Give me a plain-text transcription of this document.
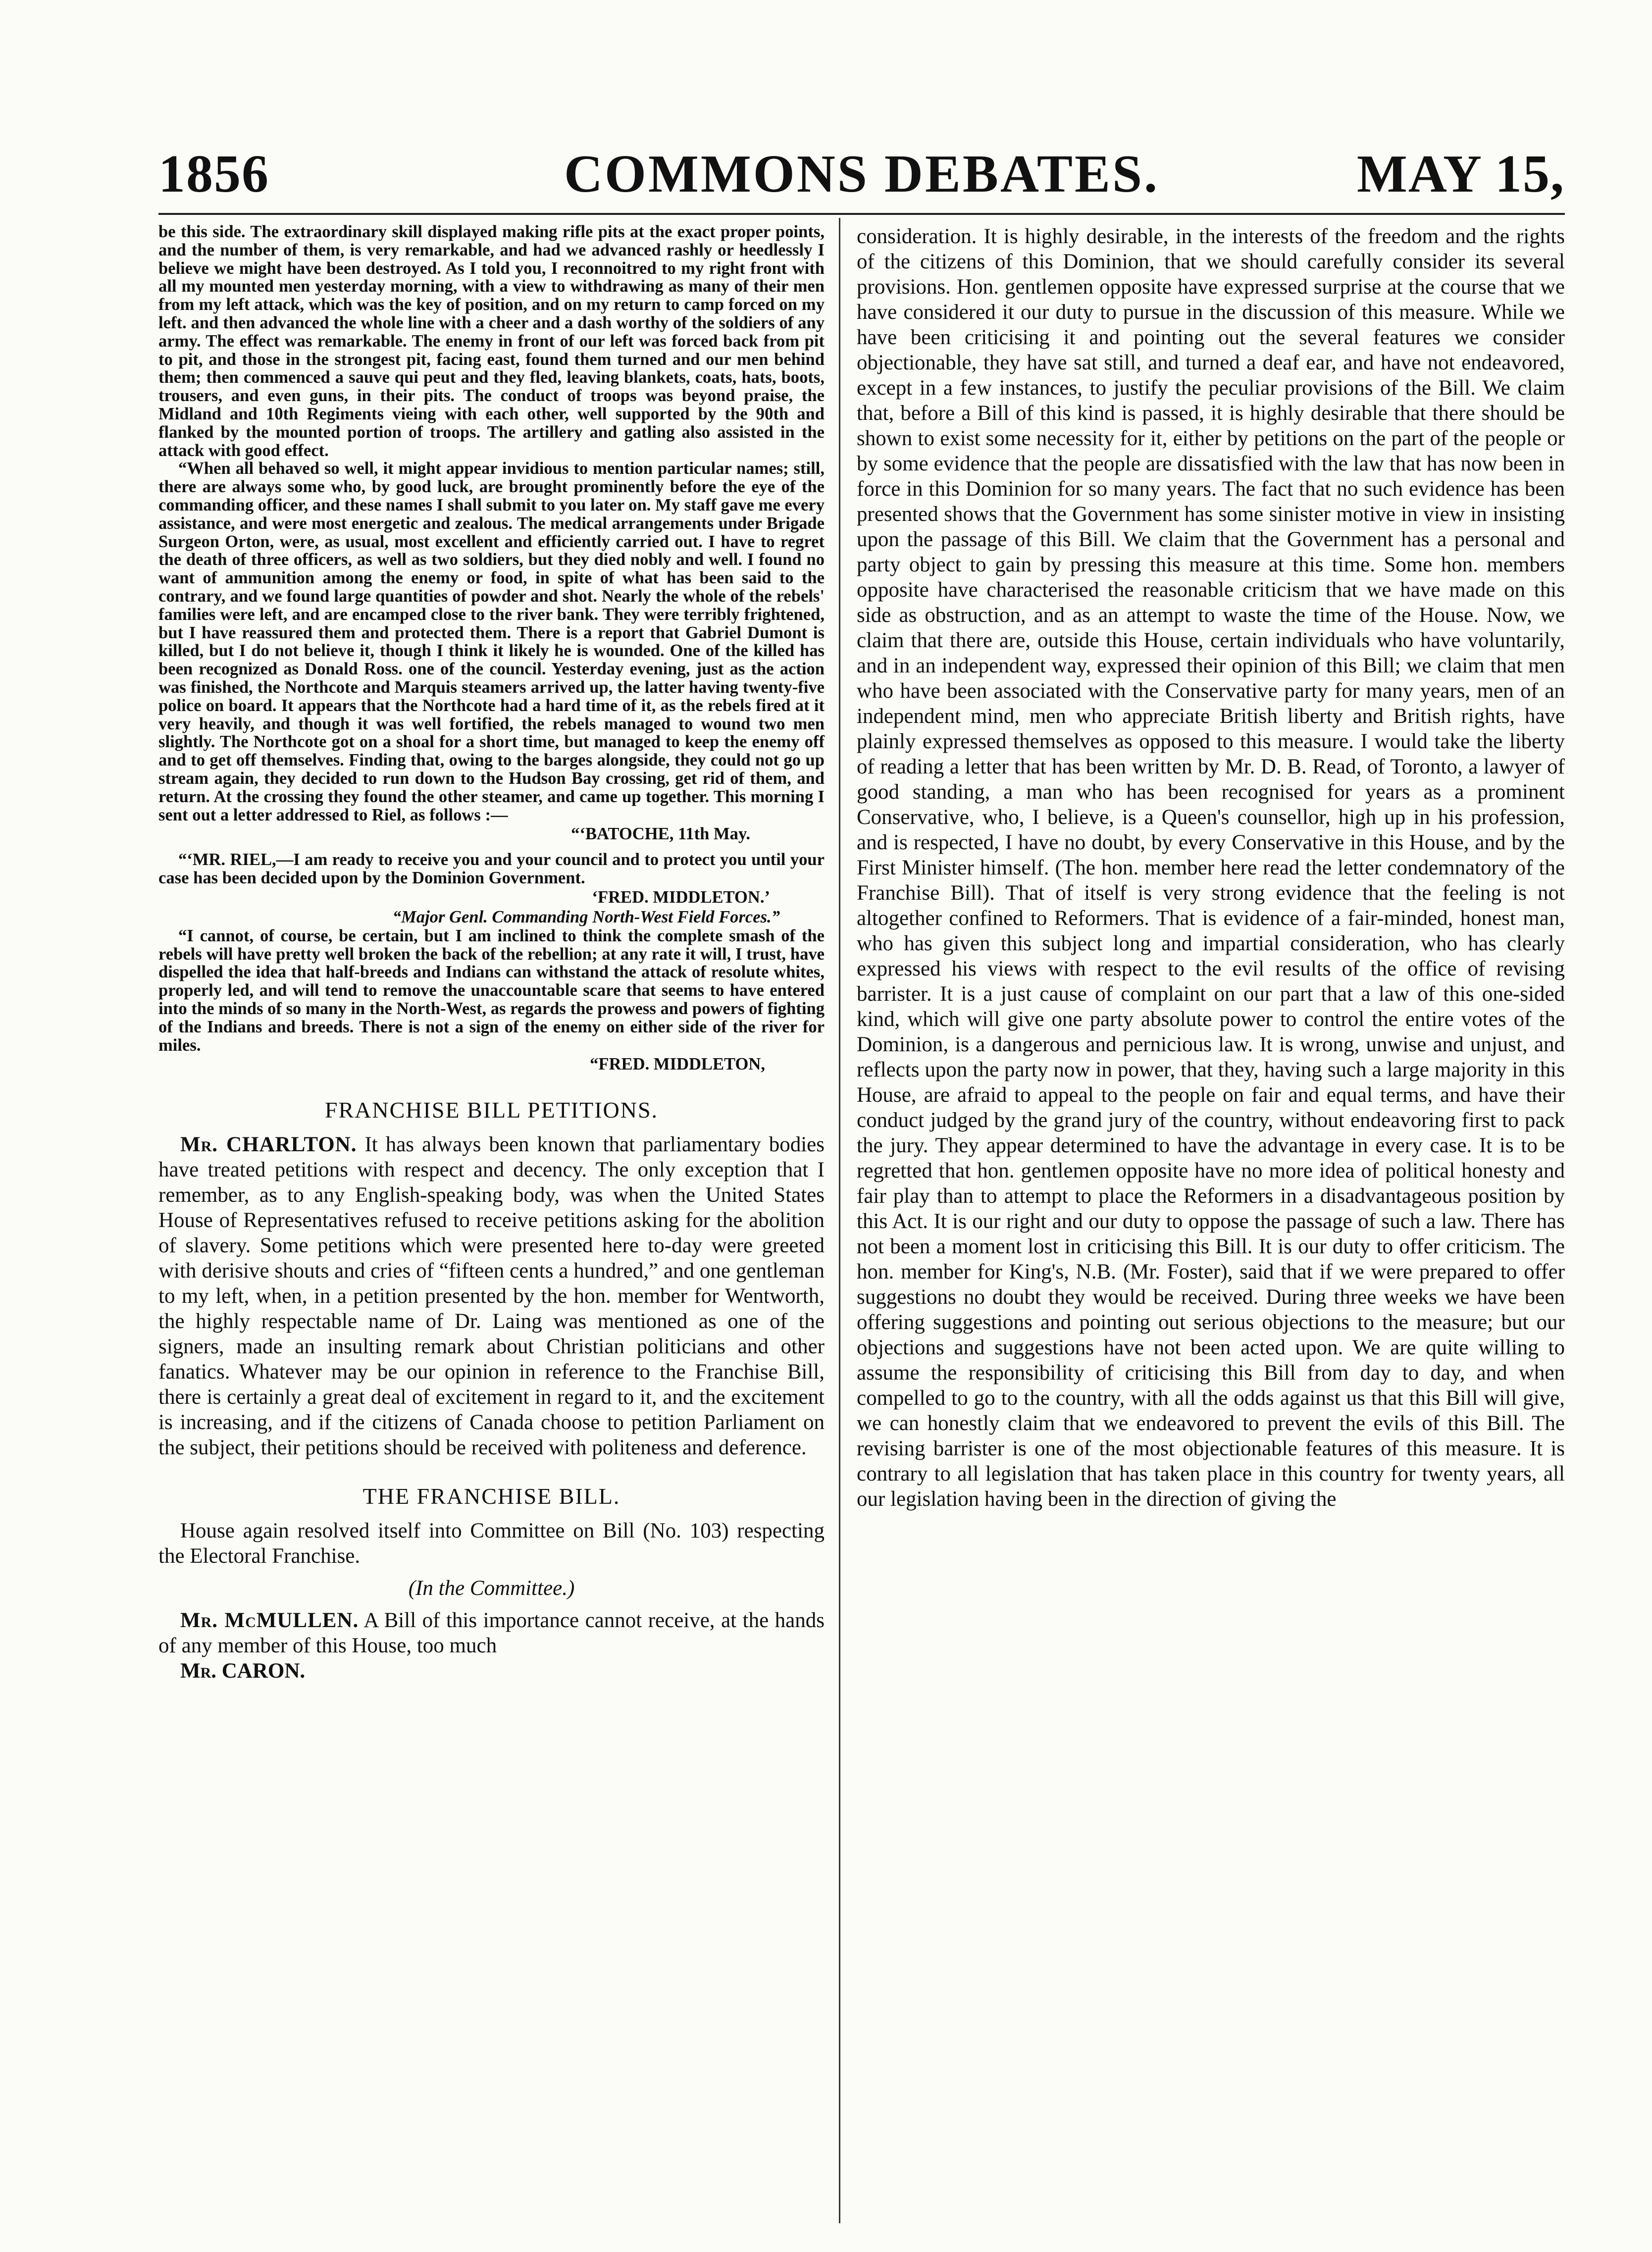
1856	COMMONS DEBATES.	MAY 15,

be this side. The extraordinary skill displayed making rifle pits at the exact proper points, and the number of them, is very remarkable, and had we advanced rashly or heedlessly I believe we might have been destroyed. As I told you, I reconnoitred to my right front with all my mounted men yesterday morning, with a view to withdrawing as many of their men from my left attack, which was the key of position, and on my return to camp forced on my left. and then advanced the whole line with a cheer and a dash worthy of the soldiers of any army. The effect was remarkable. The enemy in front of our left was forced back from pit to pit, and those in the strongest pit, facing east, found them turned and our men behind them; then commenced a sauve qui peut and they fled, leaving blankets, coats, hats, boots, trousers, and even guns, in their pits. The conduct of troops was beyond praise, the Midland and 10th Regiments vieing with each other, well supported by the 90th and flanked by the mounted portion of troops. The artillery and gatling also assisted in the attack with good effect.

“When all behaved so well, it might appear invidious to mention particular names; still, there are always some who, by good luck, are brought prominently before the eye of the commanding officer, and these names I shall submit to you later on. My staff gave me every assistance, and were most energetic and zealous. The medical arrangements under Brigade Surgeon Orton, were, as usual, most excellent and efficiently carried out. I have to regret the death of three officers, as well as two soldiers, but they died nobly and well. I found no want of ammunition among the enemy or food, in spite of what has been said to the contrary, and we found large quantities of powder and shot. Nearly the whole of the rebels' families were left, and are encamped close to the river bank. They were terribly frightened, but I have reassured them and protected them. There is a report that Gabriel Dumont is killed, but I do not believe it, though I think it likely he is wounded. One of the killed has been recognized as Donald Ross. one of the council. Yesterday evening, just as the action was finished, the Northcote and Marquis steamers arrived up, the latter having twenty-five police on board. It appears that the Northcote had a hard time of it, as the rebels fired at it very heavily, and though it was well fortified, the rebels managed to wound two men slightly. The Northcote got on a shoal for a short time, but managed to keep the enemy off and to get off themselves. Finding that, owing to the barges alongside, they could not go up stream again, they decided to run down to the Hudson Bay crossing, get rid of them, and return. At the crossing they found the other steamer, and came up together. This morning I sent out a letter addressed to Riel, as follows :—

“‘BATOCHE, 11th May.

“‘MR. RIEL,—I am ready to receive you and your council and to protect you until your case has been decided upon by the Dominion Government.

‘FRED. MIDDLETON.’

“Major Genl. Commanding North-West Field Forces.”

“I cannot, of course, be certain, but I am inclined to think the complete smash of the rebels will have pretty well broken the back of the rebellion; at any rate it will, I trust, have dispelled the idea that half-breeds and Indians can withstand the attack of resolute whites, properly led, and will tend to remove the unaccountable scare that seems to have entered into the minds of so many in the North-West, as regards the prowess and powers of fighting of the Indians and breeds. There is not a sign of the enemy on either side of the river for miles.

“FRED. MIDDLETON,

FRANCHISE BILL PETITIONS.

Mr. CHARLTON. It has always been known that parliamentary bodies have treated petitions with respect and decency. The only exception that I remember, as to any English-speaking body, was when the United States House of Representatives refused to receive petitions asking for the abolition of slavery. Some petitions which were presented here to-day were greeted with derisive shouts and cries of “fifteen cents a hundred,” and one gentleman to my left, when, in a petition presented by the hon. member for Wentworth, the highly respectable name of Dr. Laing was mentioned as one of the signers, made an insulting remark about Christian politicians and other fanatics. Whatever may be our opinion in reference to the Franchise Bill, there is certainly a great deal of excitement in regard to it, and the excitement is increasing, and if the citizens of Canada choose to petition Parliament on the subject, their petitions should be received with politeness and deference.

THE FRANCHISE BILL.

House again resolved itself into Committee on Bill (No. 103) respecting the Electoral Franchise.

(In the Committee.)

Mr. McMULLEN. A Bill of this importance cannot receive, at the hands of any member of this House, too much

Mr. CARON.

consideration. It is highly desirable, in the interests of the freedom and the rights of the citizens of this Dominion, that we should carefully consider its several provisions. Hon. gentlemen opposite have expressed surprise at the course that we have considered it our duty to pursue in the discussion of this measure. While we have been criticising it and pointing out the several features we consider objectionable, they have sat still, and turned a deaf ear, and have not endeavored, except in a few instances, to justify the peculiar provisions of the Bill. We claim that, before a Bill of this kind is passed, it is highly desirable that there should be shown to exist some necessity for it, either by petitions on the part of the people or by some evidence that the people are dissatisfied with the law that has now been in force in this Dominion for so many years. The fact that no such evidence has been presented shows that the Government has some sinister motive in view in insisting upon the passage of this Bill. We claim that the Government has a personal and party object to gain by pressing this measure at this time. Some hon. members opposite have characterised the reasonable criticism that we have made on this side as obstruction, and as an attempt to waste the time of the House. Now, we claim that there are, outside this House, certain individuals who have voluntarily, and in an independent way, expressed their opinion of this Bill; we claim that men who have been associated with the Conservative party for many years, men of an independent mind, men who appreciate British liberty and British rights, have plainly expressed themselves as opposed to this measure. I would take the liberty of reading a letter that has been written by Mr. D. B. Read, of Toronto, a lawyer of good standing, a man who has been recognised for years as a prominent Conservative, who, I believe, is a Queen's counsellor, high up in his profession, and is respected, I have no doubt, by every Conservative in this House, and by the First Minister himself. (The hon. member here read the letter condemnatory of the Franchise Bill). That of itself is very strong evidence that the feeling is not altogether confined to Reformers. That is evidence of a fair-minded, honest man, who has given this subject long and impartial consideration, who has clearly expressed his views with respect to the evil results of the office of revising barrister. It is a just cause of complaint on our part that a law of this one-sided kind, which will give one party absolute power to control the entire votes of the Dominion, is a dangerous and pernicious law. It is wrong, unwise and unjust, and reflects upon the party now in power, that they, having such a large majority in this House, are afraid to appeal to the people on fair and equal terms, and have their conduct judged by the grand jury of the country, without endeavoring first to pack the jury. They appear determined to have the advantage in every case. It is to be regretted that hon. gentlemen opposite have no more idea of political honesty and fair play than to attempt to place the Reformers in a disadvantageous position by this Act. It is our right and our duty to oppose the passage of such a law. There has not been a moment lost in criticising this Bill. It is our duty to offer criticism. The hon. member for King's, N.B. (Mr. Foster), said that if we were prepared to offer suggestions no doubt they would be received. During three weeks we have been offering suggestions and pointing out serious objections to the measure; but our objections and suggestions have not been acted upon. We are quite willing to assume the responsibility of criticising this Bill from day to day, and when compelled to go to the country, with all the odds against us that this Bill will give, we can honestly claim that we endeavored to prevent the evils of this Bill. The revising barrister is one of the most objectionable features of this measure. It is contrary to all legislation that has taken place in this country for twenty years, all our legislation having been in the direction of giving the
